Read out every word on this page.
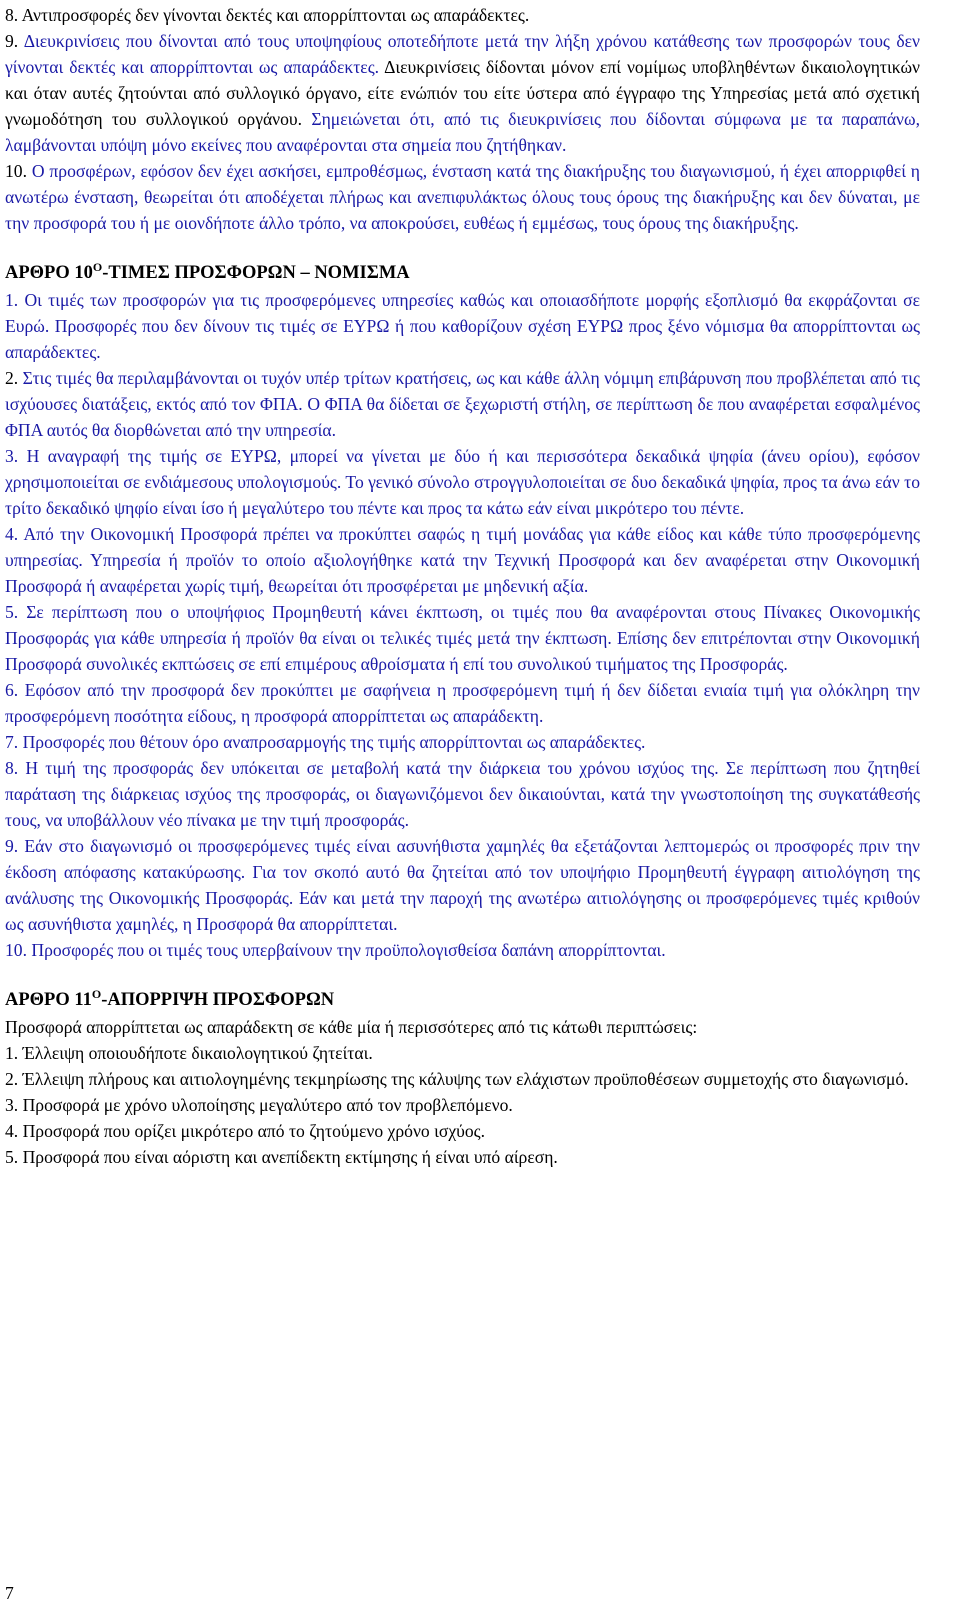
8. Αντιπροσφορές δεν γίνονται δεκτές και απορρίπτονται ως απαράδεκτες.

9. Διευκρινίσεις που δίνονται από τους υποψηφίους οποτεδήποτε μετά την λήξη χρόνου κατάθεσης των προσφορών τους δεν γίνονται δεκτές και απορρίπτονται ως απαράδεκτες. Διευκρινίσεις δίδονται μόνον επί νομίμως υποβληθέντων δικαιολογητικών και όταν αυτές ζητούνται από συλλογικό όργανο, είτε ενώπιόν του είτε ύστερα από έγγραφο της Υπηρεσίας μετά από σχετική γνωμοδότηση του συλλογικού οργάνου. Σημειώνεται ότι, από τις διευκρινίσεις που δίδονται σύμφωνα με τα παραπάνω, λαμβάνονται υπόψη μόνο εκείνες που αναφέρονται στα σημεία που ζητήθηκαν.

10. Ο προσφέρων, εφόσον δεν έχει ασκήσει, εμπροθέσμως, ένσταση κατά της διακήρυξης του διαγωνισμού, ή έχει απορριφθεί η ανωτέρω ένσταση, θεωρείται ότι αποδέχεται πλήρως και ανεπιφυλάκτως όλους τους όρους της διακήρυξης και δεν δύναται, με την προσφορά του ή με οιονδήποτε άλλο τρόπο, να αποκρούσει, ευθέως ή εμμέσως, τους όρους της διακήρυξης.

ΑΡΘΡΟ $10^O$-ΤΙΜΕΣ ΠΡΟΣΦΟΡΩΝ – ΝΟΜΙΣΜΑ

1. Οι τιμές των προσφορών για τις προσφερόμενες υπηρεσίες καθώς και οποιασδήποτε μορφής εξοπλισμό θα εκφράζονται σε Ευρώ. Προσφορές που δεν δίνουν τις τιμές σε ΕΥΡΩ ή που καθορίζουν σχέση ΕΥΡΩ προς ξένο νόμισμα θα απορρίπτονται ως απαράδεκτες.

2. Στις τιμές θα περιλαμβάνονται οι τυχόν υπέρ τρίτων κρατήσεις, ως και κάθε άλλη νόμιμη επιβάρυνση που προβλέπεται από τις ισχύουσες διατάξεις, εκτός από τον ΦΠΑ. Ο ΦΠΑ θα δίδεται σε ξεχωριστή στήλη, σε περίπτωση δε που αναφέρεται εσφαλμένος ΦΠΑ αυτός θα διορθώνεται από την υπηρεσία.

3. Η αναγραφή της τιμής σε ΕΥΡΩ, μπορεί να γίνεται με δύο ή και περισσότερα δεκαδικά ψηφία (άνευ ορίου), εφόσον χρησιμοποιείται σε ενδιάμεσους υπολογισμούς. Το γενικό σύνολο στρογγυλοποιείται σε δυο δεκαδικά ψηφία, προς τα άνω εάν το τρίτο δεκαδικό ψηφίο είναι ίσο ή μεγαλύτερο του πέντε και προς τα κάτω εάν είναι μικρότερο του πέντε.

4. Από την Οικονομική Προσφορά πρέπει να προκύπτει σαφώς η τιμή μονάδας για κάθε είδος και κάθε τύπο προσφερόμενης υπηρεσίας. Υπηρεσία ή προϊόν το οποίο αξιολογήθηκε κατά την Τεχνική Προσφορά και δεν αναφέρεται στην Οικονομική Προσφορά ή αναφέρεται χωρίς τιμή, θεωρείται ότι προσφέρεται με μηδενική αξία.

5. Σε περίπτωση που ο υποψήφιος Προμηθευτή κάνει έκπτωση, οι τιμές που θα αναφέρονται στους Πίνακες Οικονομικής Προσφοράς για κάθε υπηρεσία ή προϊόν θα είναι οι τελικές τιμές μετά την έκπτωση. Επίσης δεν επιτρέπονται στην Οικονομική Προσφορά συνολικές εκπτώσεις σε επί επιμέρους αθροίσματα ή επί του συνολικού τιμήματος της Προσφοράς.

6. Εφόσον από την προσφορά δεν προκύπτει με σαφήνεια η προσφερόμενη τιμή ή δεν δίδεται ενιαία τιμή για ολόκληρη την προσφερόμενη ποσότητα είδους, η προσφορά απορρίπτεται ως απαράδεκτη.

7. Προσφορές που θέτουν όρο αναπροσαρμογής της τιμής απορρίπτονται ως απαράδεκτες.

8. Η τιμή της προσφοράς δεν υπόκειται σε μεταβολή κατά την διάρκεια του χρόνου ισχύος της. Σε περίπτωση που ζητηθεί παράταση της διάρκειας ισχύος της προσφοράς, οι διαγωνιζόμενοι δεν δικαιούνται, κατά την γνωστοποίηση της συγκατάθεσής τους, να υποβάλλουν νέο πίνακα με την τιμή προσφοράς.

9. Εάν στο διαγωνισμό οι προσφερόμενες τιμές είναι ασυνήθιστα χαμηλές θα εξετάζονται λεπτομερώς οι προσφορές πριν την έκδοση απόφασης κατακύρωσης. Για τον σκοπό αυτό θα ζητείται από τον υποψήφιο Προμηθευτή έγγραφη αιτιολόγηση της ανάλυσης της Οικονομικής Προσφοράς. Εάν και μετά την παροχή της ανωτέρω αιτιολόγησης οι προσφερόμενες τιμές κριθούν ως ασυνήθιστα χαμηλές, η Προσφορά θα απορρίπτεται.

10. Προσφορές που οι τιμές τους υπερβαίνουν την προϋπολογισθείσα δαπάνη απορρίπτονται.

ΑΡΘΡΟ $11^O$-ΑΠΟΡΡΙΨΗ ΠΡΟΣΦΟΡΩΝ

Προσφορά απορρίπτεται ως απαράδεκτη σε κάθε μία ή περισσότερες από τις κάτωθι περιπτώσεις:

1. Έλλειψη οποιουδήποτε δικαιολογητικού ζητείται.

2. Έλλειψη πλήρους και αιτιολογημένης τεκμηρίωσης της κάλυψης των ελάχιστων προϋποθέσεων συμμετοχής στο διαγωνισμό.

3. Προσφορά με χρόνο υλοποίησης μεγαλύτερο από τον προβλεπόμενο.

4. Προσφορά που ορίζει μικρότερο από το ζητούμενο χρόνο ισχύος.

5. Προσφορά που είναι αόριστη και ανεπίδεκτη εκτίμησης ή είναι υπό αίρεση.

7
